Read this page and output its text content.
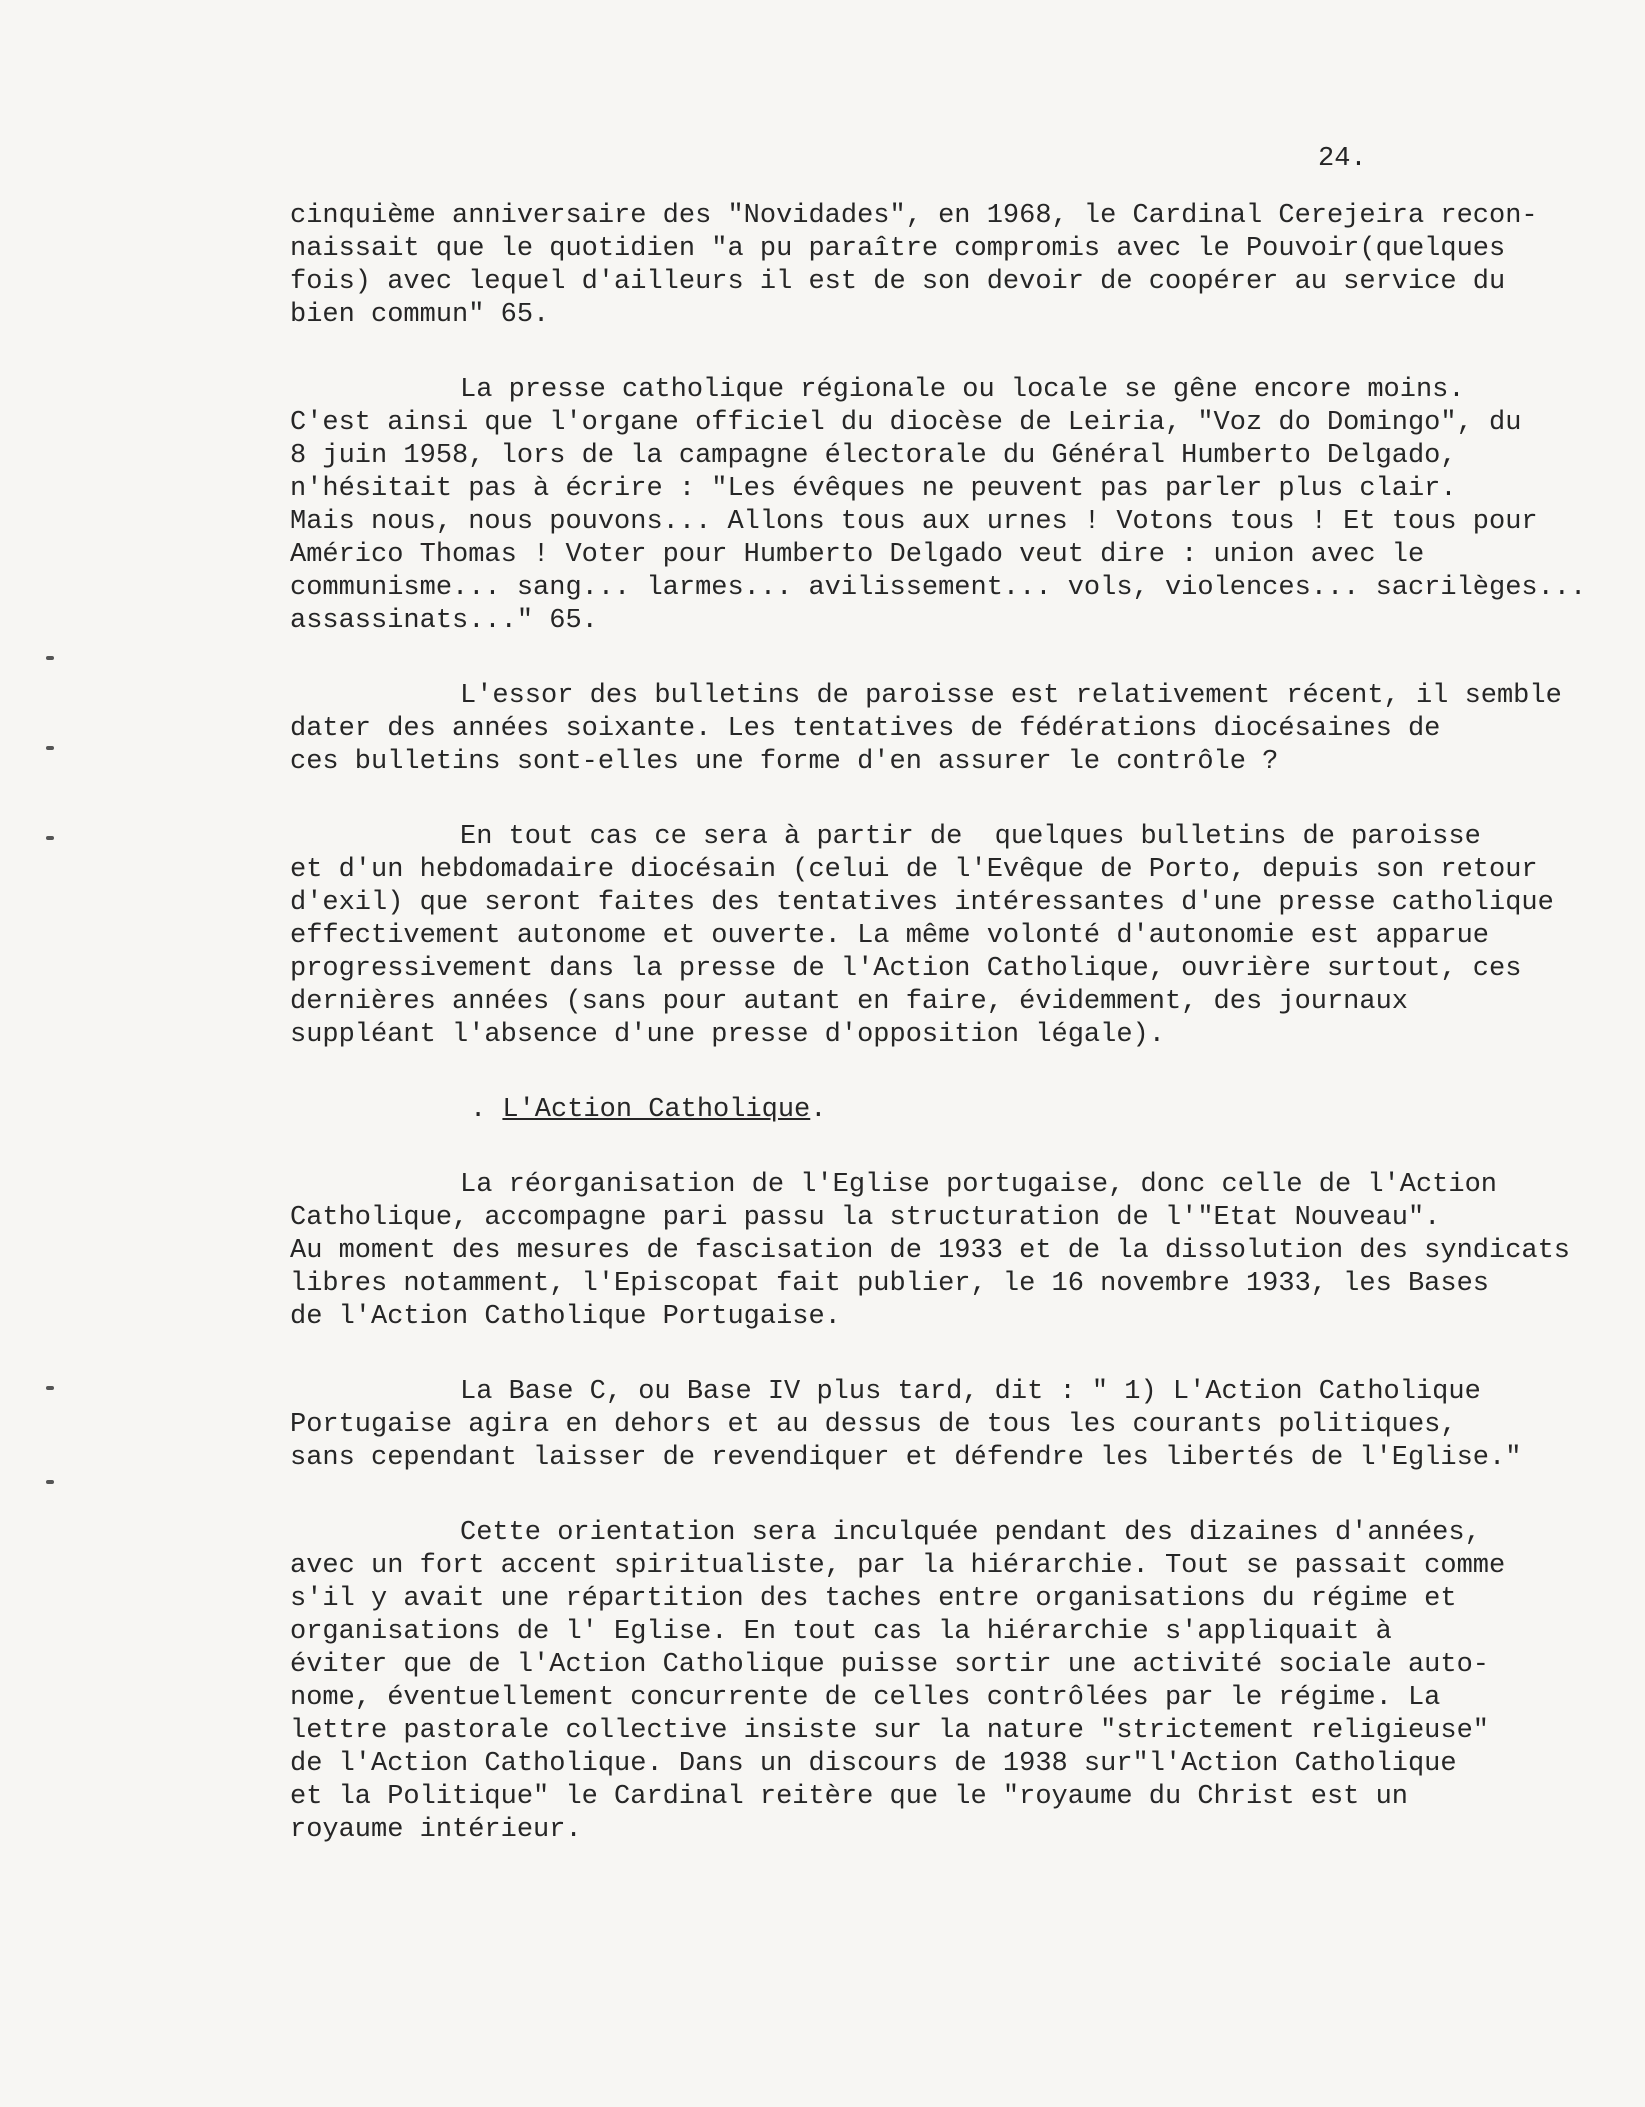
24.
cinquième anniversaire des "Novidades", en 1968, le Cardinal Cerejeira recon-
naissait que le quotidien "a pu paraître compromis avec le Pouvoir(quelques
fois) avec lequel d'ailleurs il est de son devoir de coopérer au service du
bien commun" 65.
La presse catholique régionale ou locale se gêne encore moins.
C'est ainsi que l'organe officiel du diocèse de Leiria, "Voz do Domingo", du
8 juin 1958, lors de la campagne électorale du Général Humberto Delgado,
n'hésitait pas à écrire : "Les évêques ne peuvent pas parler plus clair.
Mais nous, nous pouvons... Allons tous aux urnes ! Votons tous ! Et tous pour
Américo Thomas ! Voter pour Humberto Delgado veut dire : union avec le
communisme... sang... larmes... avilissement... vols, violences... sacrilèges...
assassinats..." 65.
L'essor des bulletins de paroisse est relativement récent, il semble
dater des années soixante. Les tentatives de fédérations diocésaines de
ces bulletins sont-elles une forme d'en assurer le contrôle ?
En tout cas ce sera à partir de  quelques bulletins de paroisse
et d'un hebdomadaire diocésain (celui de l'Evêque de Porto, depuis son retour
d'exil) que seront faites des tentatives intéressantes d'une presse catholique
effectivement autonome et ouverte. La même volonté d'autonomie est apparue
progressivement dans la presse de l'Action Catholique, ouvrière surtout, ces
dernières années (sans pour autant en faire, évidemment, des journaux
suppléant l'absence d'une presse d'opposition légale).
. L'Action Catholique.
La réorganisation de l'Eglise portugaise, donc celle de l'Action
Catholique, accompagne pari passu la structuration de l'"Etat Nouveau".
Au moment des mesures de fascisation de 1933 et de la dissolution des syndicats
libres notamment, l'Episcopat fait publier, le 16 novembre 1933, les Bases
de l'Action Catholique Portugaise.
La Base C, ou Base IV plus tard, dit : " 1) L'Action Catholique
Portugaise agira en dehors et au dessus de tous les courants politiques,
sans cependant laisser de revendiquer et défendre les libertés de l'Eglise."
Cette orientation sera inculquée pendant des dizaines d'années,
avec un fort accent spiritualiste, par la hiérarchie. Tout se passait comme
s'il y avait une répartition des taches entre organisations du régime et
organisations de l' Eglise. En tout cas la hiérarchie s'appliquait à
éviter que de l'Action Catholique puisse sortir une activité sociale auto-
nome, éventuellement concurrente de celles contrôlées par le régime. La
lettre pastorale collective insiste sur la nature "strictement religieuse"
de l'Action Catholique. Dans un discours de 1938 sur"l'Action Catholique
et la Politique" le Cardinal reitère que le "royaume du Christ est un
royaume intérieur.
